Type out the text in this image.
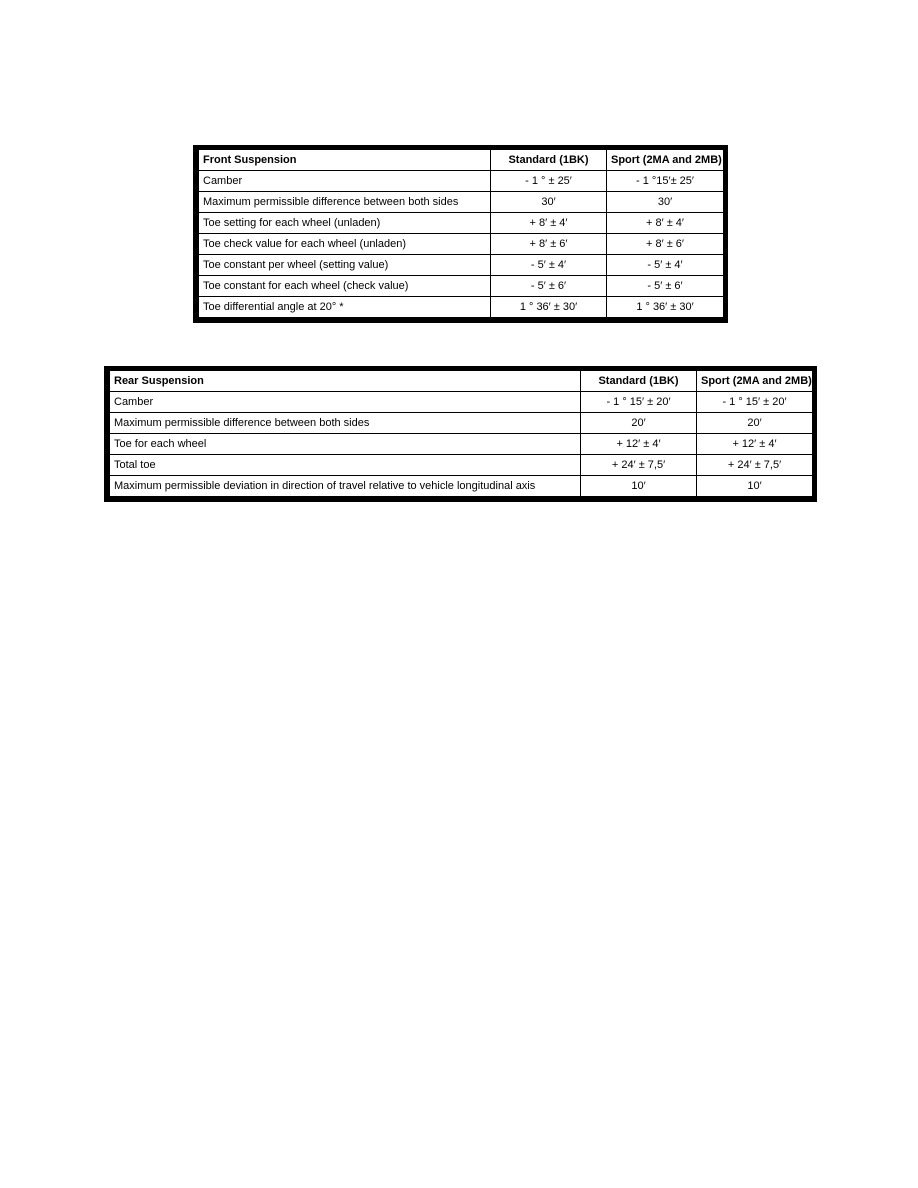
Front Suspension	Standard (1BK)	Sport (2MA and 2MB)
Camber	- 1 ° ± 25′	- 1 °15′± 25′
Maximum permissible difference between both sides	30′	30′
Toe setting for each wheel (unladen)	+ 8′ ± 4′	+ 8′ ± 4′
Toe check value for each wheel (unladen)	+ 8′ ± 6′	+ 8′ ± 6′
Toe constant per wheel (setting value)	- 5′ ± 4′	- 5′ ± 4′
Toe constant for each wheel (check value)	- 5′ ± 6′	- 5′ ± 6′
Toe differential angle at 20° *	1 ° 36′ ± 30′	1 ° 36′ ± 30′
Rear Suspension	Standard (1BK)	Sport (2MA and 2MB)
Camber	- 1 ° 15′ ± 20′	- 1 ° 15′ ± 20′
Maximum permissible difference between both sides	20′	20′
Toe for each wheel	+ 12′ ± 4′	+ 12′ ± 4′
Total toe	+ 24′ ± 7,5′	+ 24′ ± 7,5′
Maximum permissible deviation in direction of travel relative to vehicle longitudinal axis	10′	10′
